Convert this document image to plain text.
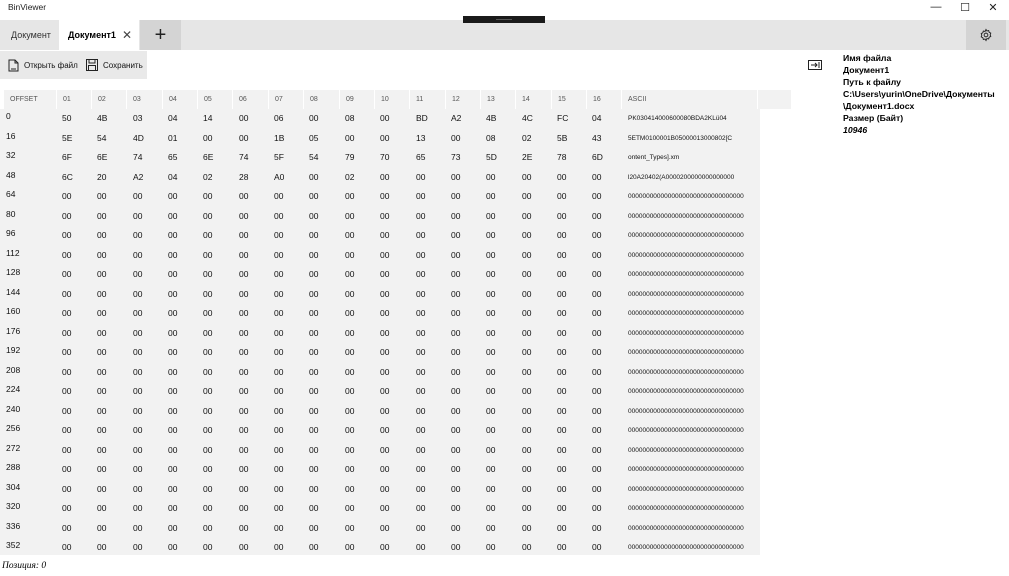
BinViewer	—	☐	✕
Документ Документ1 ✕	+
Открыть файл	Сохранить
OFFSET	01	02	03	04	05	06	07	08	09	10	11	12	13	14	15	16	ASCII
0	50	4B	03	04	14	00	06	00	08	00	BD	A2	4B	4C	FC	04	PK030414000600080BDA2KLü04
16	5E	54	4D	01	00	00	1B	05	00	00	13	00	08	02	5B	43	5ETM0100001B05000013000802[C
32	6F	6E	74	65	6E	74	5F	54	79	70	65	73	5D	2E	78	6D	ontent_Types].xm
48	6C	20	A2	04	02	28	A0	00	02	00	00	00	00	00	00	00	l20A20402(A0000200000000000000
64	00	00	00	00	00	00	00	00	00	00	00	00	00	00	00	00	00000000000000000000000000000000
80	00	00	00	00	00	00	00	00	00	00	00	00	00	00	00	00	00000000000000000000000000000000
96	00	00	00	00	00	00	00	00	00	00	00	00	00	00	00	00	00000000000000000000000000000000
112	00	00	00	00	00	00	00	00	00	00	00	00	00	00	00	00	00000000000000000000000000000000
128	00	00	00	00	00	00	00	00	00	00	00	00	00	00	00	00	00000000000000000000000000000000
144	00	00	00	00	00	00	00	00	00	00	00	00	00	00	00	00	00000000000000000000000000000000
160	00	00	00	00	00	00	00	00	00	00	00	00	00	00	00	00	00000000000000000000000000000000
176	00	00	00	00	00	00	00	00	00	00	00	00	00	00	00	00	00000000000000000000000000000000
192	00	00	00	00	00	00	00	00	00	00	00	00	00	00	00	00	00000000000000000000000000000000
208	00	00	00	00	00	00	00	00	00	00	00	00	00	00	00	00	00000000000000000000000000000000
224	00	00	00	00	00	00	00	00	00	00	00	00	00	00	00	00	00000000000000000000000000000000
240	00	00	00	00	00	00	00	00	00	00	00	00	00	00	00	00	00000000000000000000000000000000
256	00	00	00	00	00	00	00	00	00	00	00	00	00	00	00	00	00000000000000000000000000000000
272	00	00	00	00	00	00	00	00	00	00	00	00	00	00	00	00	00000000000000000000000000000000
288	00	00	00	00	00	00	00	00	00	00	00	00	00	00	00	00	00000000000000000000000000000000
304	00	00	00	00	00	00	00	00	00	00	00	00	00	00	00	00	00000000000000000000000000000000
320	00	00	00	00	00	00	00	00	00	00	00	00	00	00	00	00	00000000000000000000000000000000
336	00	00	00	00	00	00	00	00	00	00	00	00	00	00	00	00	00000000000000000000000000000000
352	00	00	00	00	00	00	00	00	00	00	00	00	00	00	00	00	00000000000000000000000000000000
Имя файла
Документ1
Путь к файлу
C:\Users\yurin\OneDrive\Документы
\Документ1.docx
Размер (Байт)
10946
Позиция: 0
